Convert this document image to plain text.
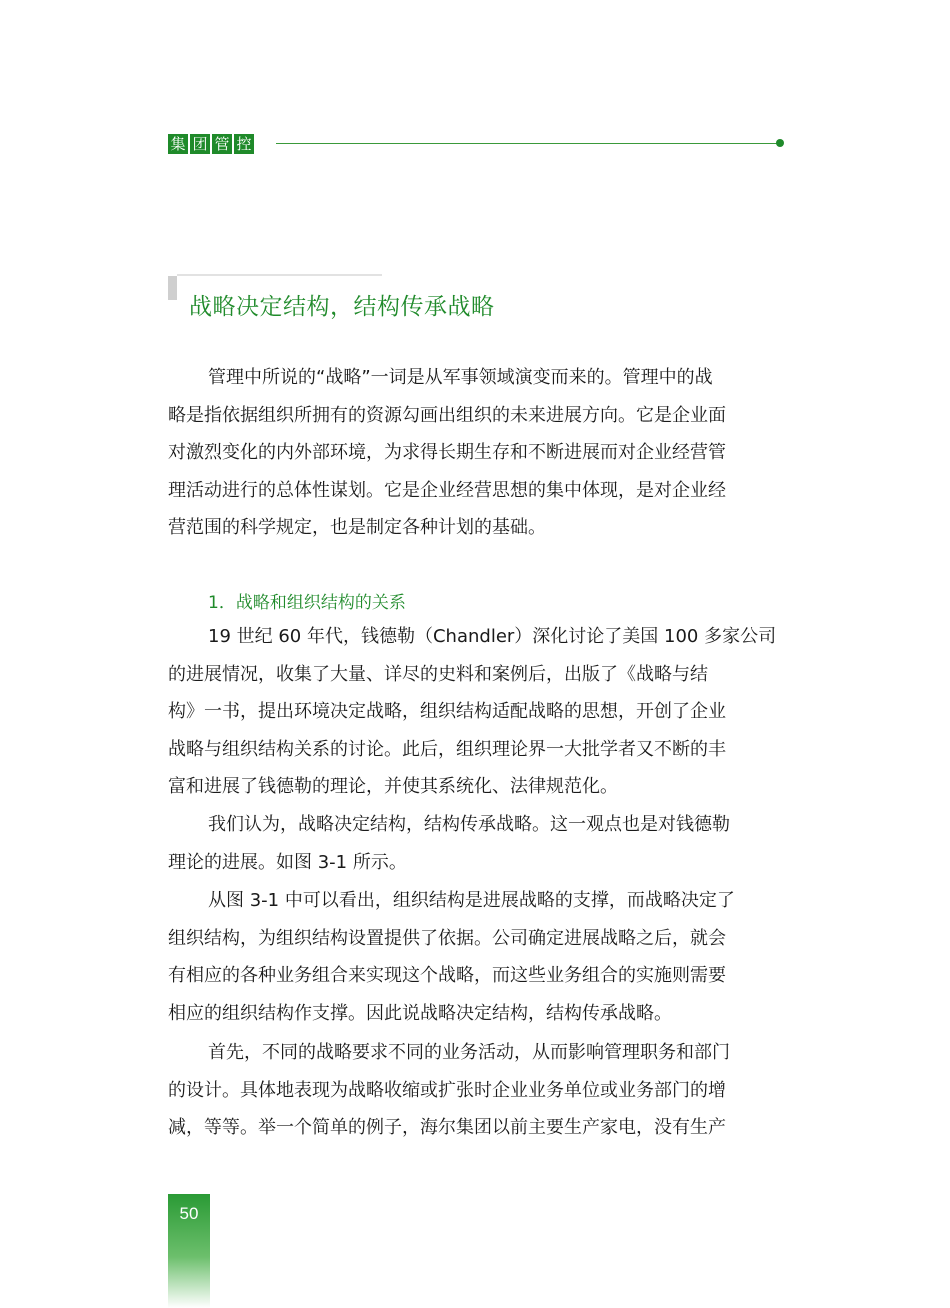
集 团 管 控
战略决定结构，结构传承战略
管理中所说的“战略”一词是从军事领域演变而来的。管理中的战
略是指依据组织所拥有的资源勾画出组织的未来进展方向。它是企业面
对激烈变化的内外部环境，为求得长期生存和不断进展而对企业经营管
理活动进行的总体性谋划。它是企业经营思想的集中体现，是对企业经
营范围的科学规定，也是制定各种计划的基础。
1．战略和组织结构的关系
19 世纪 60 年代，钱德勒（Chandler）深化讨论了美国 100 多家公司
的进展情况，收集了大量、详尽的史料和案例后，出版了《战略与结
构》一书，提出环境决定战略，组织结构适配战略的思想，开创了企业
战略与组织结构关系的讨论。此后，组织理论界一大批学者又不断的丰
富和进展了钱德勒的理论，并使其系统化、法律规范化。
我们认为，战略决定结构，结构传承战略。这一观点也是对钱德勒
理论的进展。如图 3-1 所示。
从图 3-1 中可以看出，组织结构是进展战略的支撑，而战略决定了
组织结构，为组织结构设置提供了依据。公司确定进展战略之后，就会
有相应的各种业务组合来实现这个战略，而这些业务组合的实施则需要
相应的组织结构作支撑。因此说战略决定结构，结构传承战略。
首先，不同的战略要求不同的业务活动，从而影响管理职务和部门
的设计。具体地表现为战略收缩或扩张时企业业务单位或业务部门的增
减，等等。举一个简单的例子，海尔集团以前主要生产家电，没有生产
50
